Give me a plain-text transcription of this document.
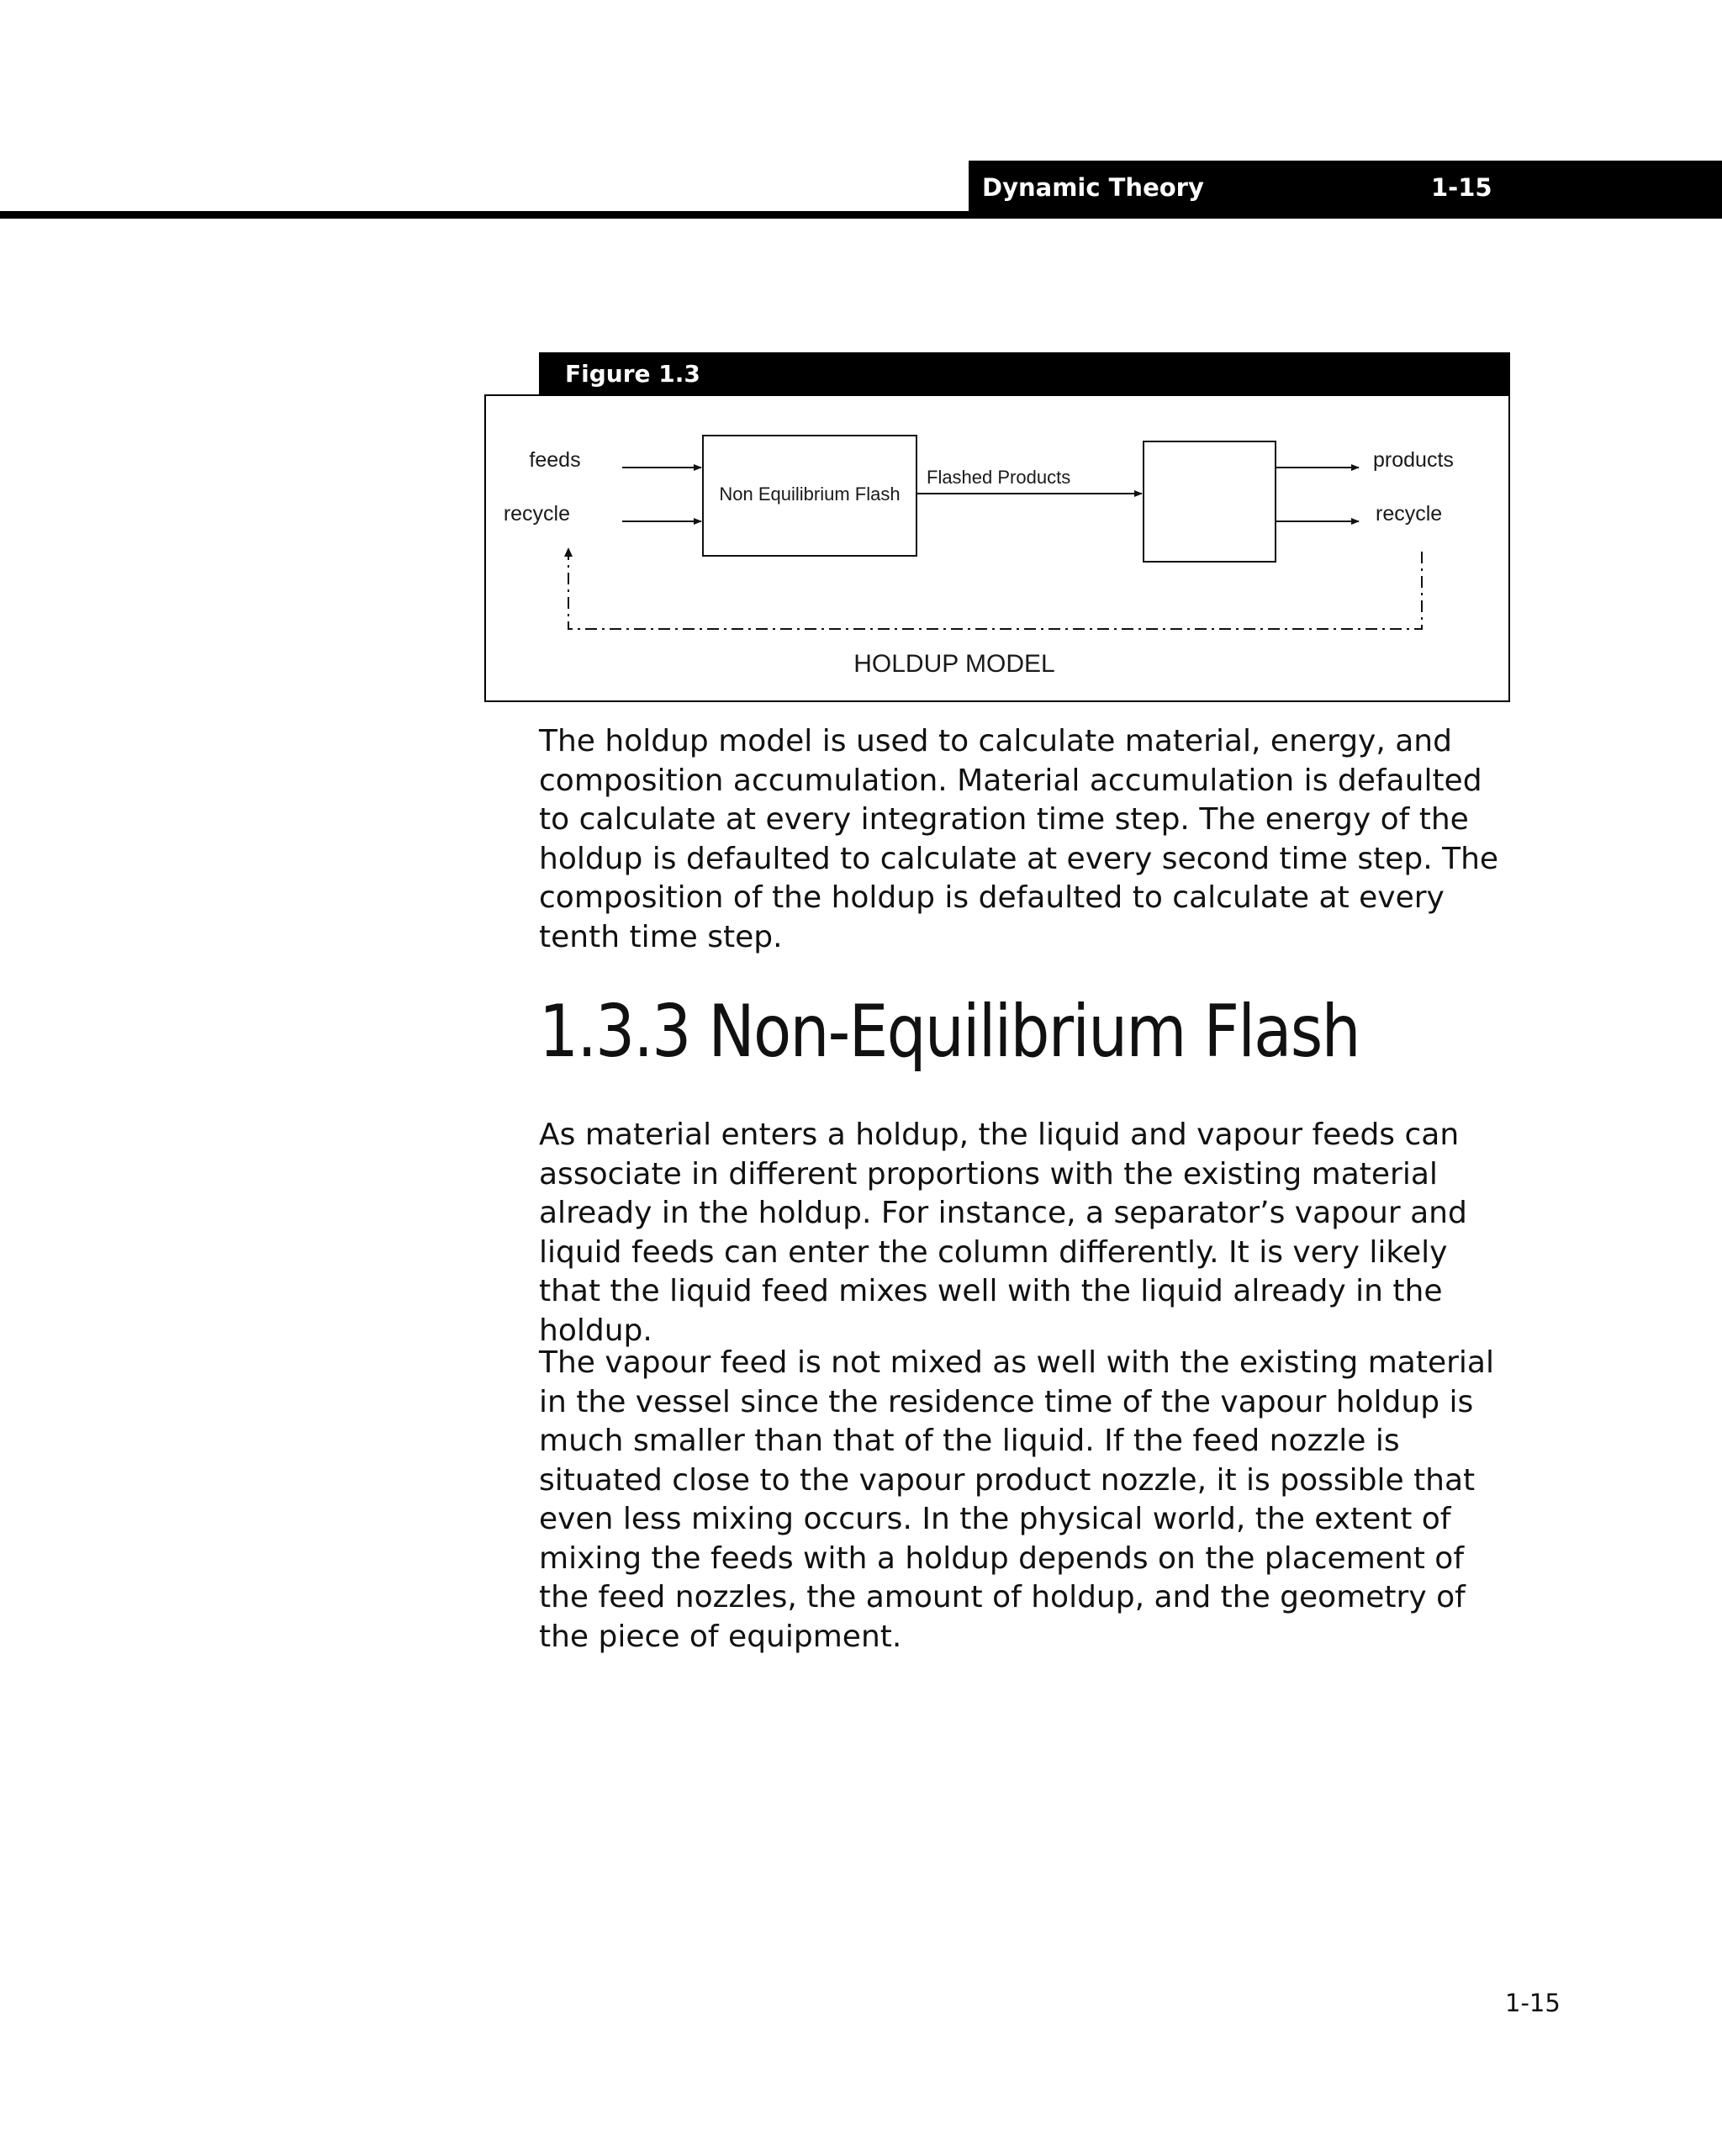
Dynamic Theory	1-15
Figure 1.3
feeds
recycle
Non Equilibrium Flash
Flashed Products
products
recycle
HOLDUP MODEL

The holdup model is used to calculate material, energy, and composition accumulation. Material accumulation is defaulted to calculate at every integration time step. The energy of the holdup is defaulted to calculate at every second time step. The composition of the holdup is defaulted to calculate at every tenth time step.

1.3.3 Non-Equilibrium Flash

As material enters a holdup, the liquid and vapour feeds can associate in different proportions with the existing material already in the holdup. For instance, a separator’s vapour and liquid feeds can enter the column differently. It is very likely that the liquid feed mixes well with the liquid already in the holdup.

The vapour feed is not mixed as well with the existing material in the vessel since the residence time of the vapour holdup is much smaller than that of the liquid. If the feed nozzle is situated close to the vapour product nozzle, it is possible that even less mixing occurs. In the physical world, the extent of mixing the feeds with a holdup depends on the placement of the feed nozzles, the amount of holdup, and the geometry of the piece of equipment.

1-15
